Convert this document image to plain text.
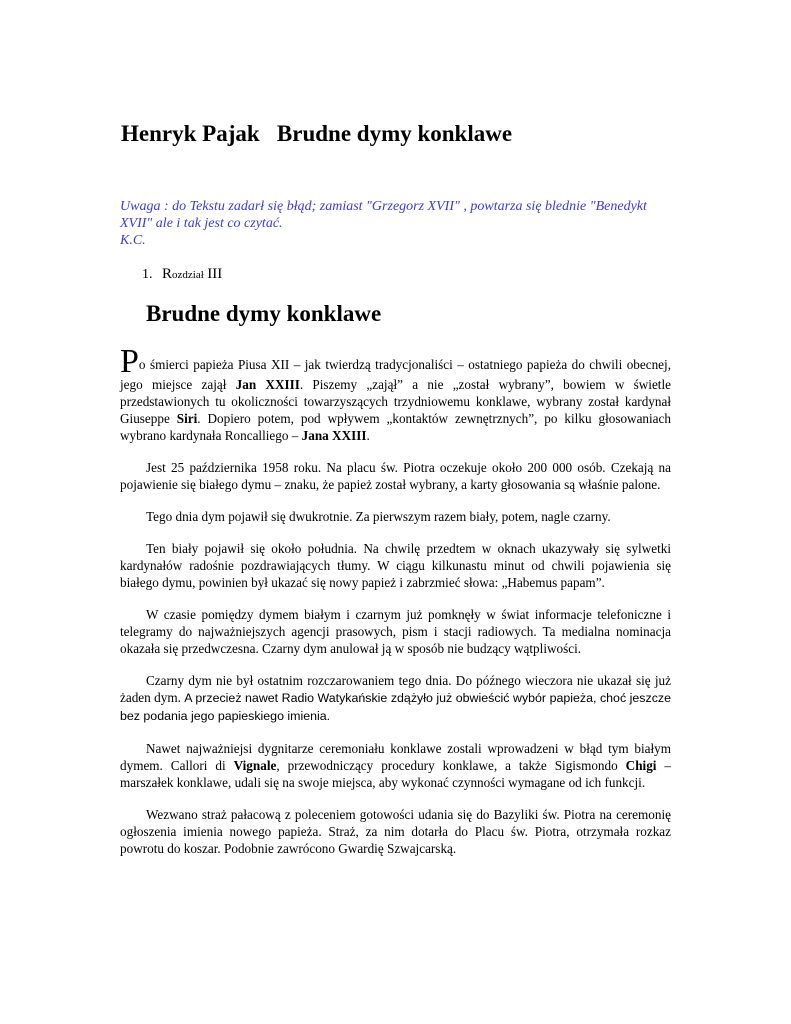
Henryk Pajak   Brudne dymy konklawe
Uwaga : do Tekstu zadarł się błąd; zamiast "Grzegorz XVII" , powtarza się blednie "Benedykt XVII" ale i tak jest co czytać.
K.C.
1. Rozdział III
Brudne dymy konklawe

Po śmierci papieża Piusa XII – jak twierdzą tradycjonaliści – ostatniego papieża do chwili obecnej, jego miejsce zajął Jan XXIII. Piszemy „zajął” a nie „został wybrany”, bowiem w świetle przedstawionych tu okoliczności towarzyszących trzydniowemu konklawe, wybrany został kardynał Giuseppe Siri. Dopiero potem, pod wpływem „kontaktów zewnętrznych”, po kilku głosowaniach wybrano kardynała Roncalliego – Jana XXIII.

Jest 25 października 1958 roku. Na placu św. Piotra oczekuje około 200 000 osób. Czekają na pojawienie się białego dymu – znaku, że papież został wybrany, a karty głosowania są właśnie palone.

Tego dnia dym pojawił się dwukrotnie. Za pierwszym razem biały, potem, nagle czarny.

Ten biały pojawił się około południa. Na chwilę przedtem w oknach ukazywały się sylwetki kardynałów radośnie pozdrawiających tłumy. W ciągu kilkunastu minut od chwili pojawienia się białego dymu, powinien był ukazać się nowy papież i zabrzmieć słowa: „Habemus papam”.

W czasie pomiędzy dymem białym i czarnym już pomknęły w świat informacje telefoniczne i telegramy do najważniejszych agencji prasowych, pism i stacji radiowych. Ta medialna nominacja okazała się przedwczesna. Czarny dym anulował ją w sposób nie budzący wątpliwości.

Czarny dym nie był ostatnim rozczarowaniem tego dnia. Do późnego wieczora nie ukazał się już żaden dym. A przecież nawet Radio Watykańskie zdążyło już obwieścić wybór papieża, choć jeszcze bez podania jego papieskiego imienia.

Nawet najważniejsi dygnitarze ceremoniału konklawe zostali wprowadzeni w błąd tym białym dymem. Callori di Vignale, przewodniczący procedury konklawe, a także Sigismondo Chigi – marszałek konklawe, udali się na swoje miejsca, aby wykonać czynności wymagane od ich funkcji.

Wezwano straż pałacową z poleceniem gotowości udania się do Bazyliki św. Piotra na ceremonię ogłoszenia imienia nowego papieża. Straż, za nim dotarła do Placu św. Piotra, otrzymała rozkaz powrotu do koszar. Podobnie zawrócono Gwardię Szwajcarską.
